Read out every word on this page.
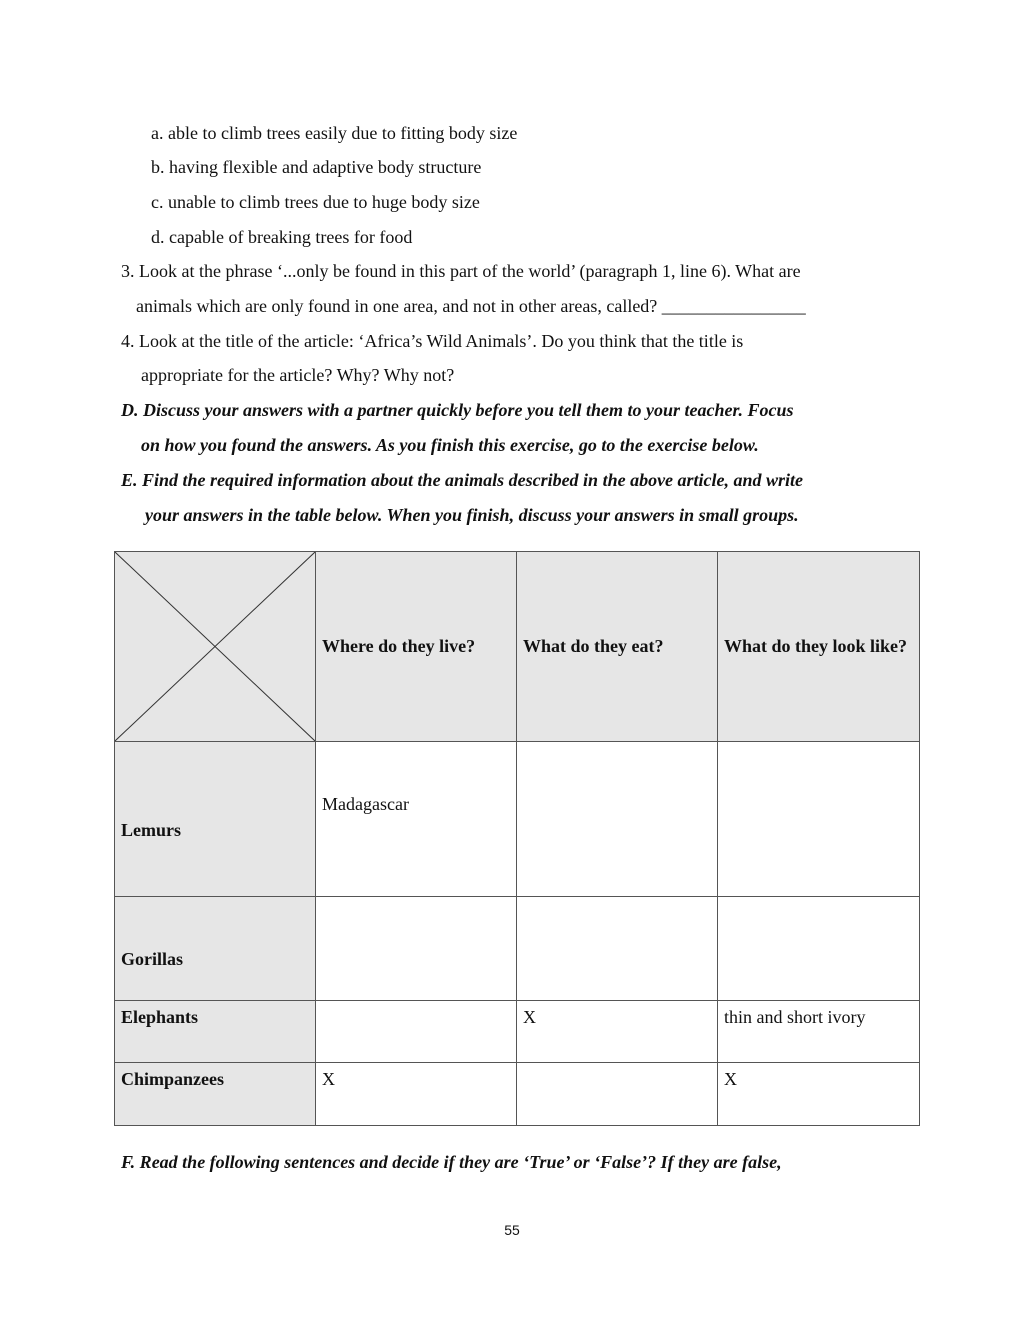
a. able to climb trees easily due to fitting body size
b. having flexible and adaptive body structure
c. unable to climb trees due to huge body size
d. capable of breaking trees for food
3. Look at the phrase ‘...only be found in this part of the world’ (paragraph 1, line 6). What are
animals which are only found in one area, and not in other areas, called? ________________
4. Look at the title of the article: ‘Africa’s Wild Animals’. Do you think that the title is
appropriate for the article? Why? Why not?
D. Discuss your answers with a partner quickly before you tell them to your teacher. Focus
on how you found the answers. As you finish this exercise, go to the exercise below.
E. Find the required information about the animals described in the above article, and write
your answers in the table below. When you finish, discuss your answers in small groups.
	Where do they live?	What do they eat?	What do they look like?
Lemurs	Madagascar		
Gorillas			
Elephants		X	thin and short ivory
Chimpanzees	X		X
F. Read the following sentences and decide if they are ‘True’ or ‘False’? If they are false,
55
